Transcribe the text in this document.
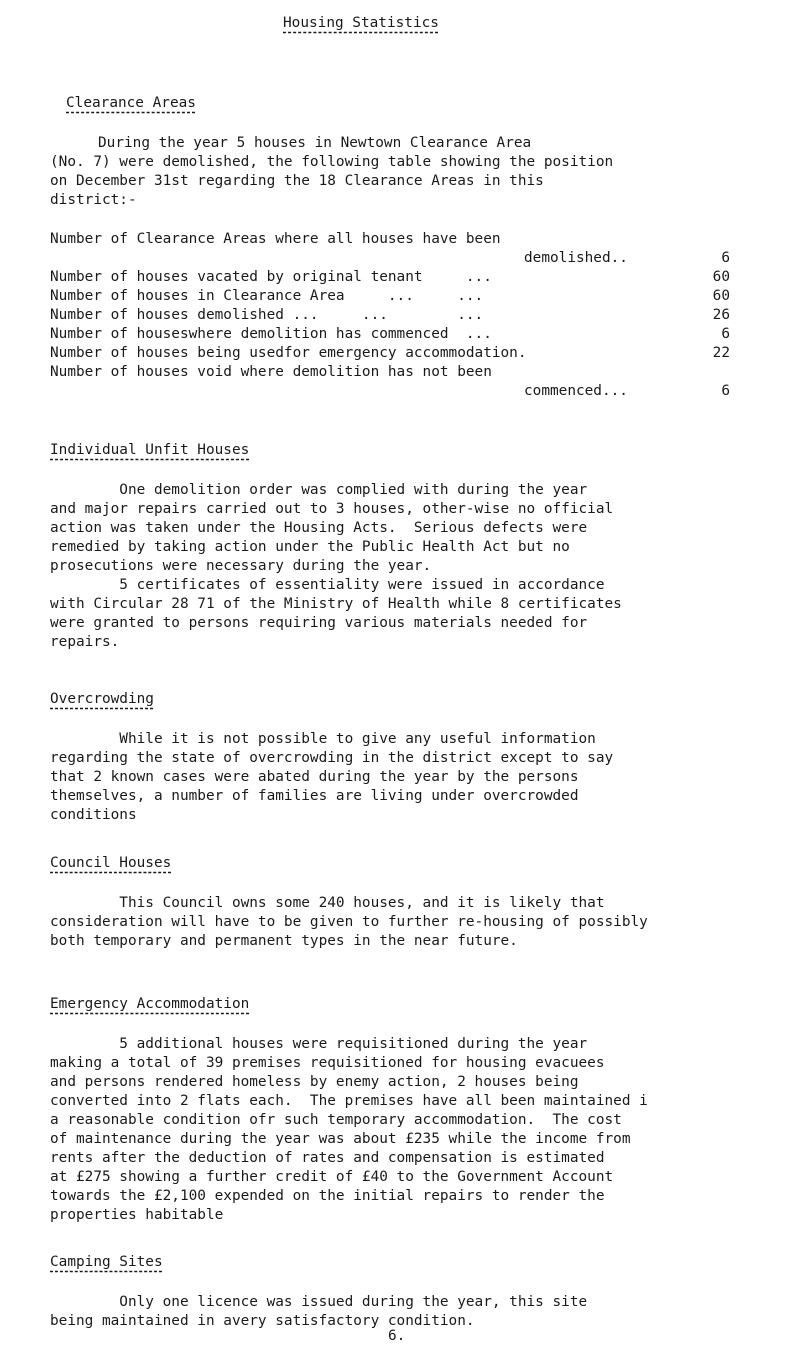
Housing Statistics
Clearance Areas
During the year 5 houses in Newtown Clearance Area
(No. 7) were demolished, the following table showing the position
on December 31st regarding the 18 Clearance Areas in this
district:-
Number of Clearance Areas where all houses have been
demolished..	6
Number of houses vacated by original tenant     ...	60
Number of houses in Clearance Area     ...     ...	60
Number of houses demolished ...     ...        ...	26
Number of houseswhere demolition has commenced  ...	6
Number of houses being usedfor emergency accommodation.	22
Number of houses void where demolition has not been
commenced...	6
Individual Unfit Houses
One demolition order was complied with during the year
and major repairs carried out to 3 houses, other-wise no official
action was taken under the Housing Acts.  Serious defects were
remedied by taking action under the Public Health Act but no
prosecutions were necessary during the year.
5 certificates of essentiality were issued in accordance
with Circular 28 71 of the Ministry of Health while 8 certificates
were granted to persons requiring various materials needed for
repairs.
Overcrowding
While it is not possible to give any useful information
regarding the state of overcrowding in the district except to say
that 2 known cases were abated during the year by the persons
themselves, a number of families are living under overcrowded
conditions
Council Houses
This Council owns some 240 houses, and it is likely that
consideration will have to be given to further re-housing of possibly
both temporary and permanent types in the near future.
Emergency Accommodation
5 additional houses were requisitioned during the year
making a total of 39 premises requisitioned for housing evacuees
and persons rendered homeless by enemy action, 2 houses being
converted into 2 flats each.  The premises have all been maintained i
a reasonable condition ofr such temporary accommodation.  The cost
of maintenance during the year was about £235 while the income from
rents after the deduction of rates and compensation is estimated
at £275 showing a further credit of £40 to the Government Account
towards the £2,100 expended on the initial repairs to render the
properties habitable
Camping Sites
Only one licence was issued during the year, this site
being maintained in avery satisfactory condition.
6.
